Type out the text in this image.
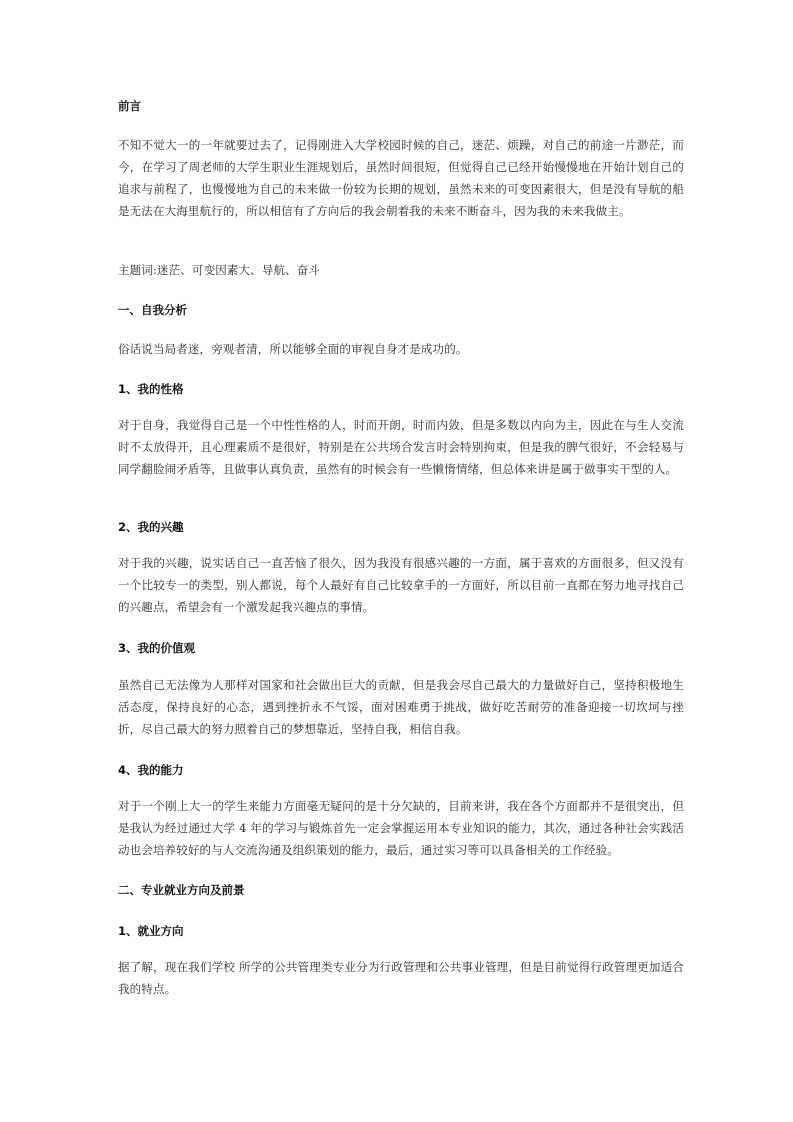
前言

不知不觉大一的一年就要过去了，记得刚进入大学校园时候的自己，迷茫、烦躁，对自己的前途一片渺茫，而今，在学习了周老师的大学生职业生涯规划后，虽然时间很短，但觉得自己已经开始慢慢地在开始计划自己的追求与前程了，也慢慢地为自己的未来做一份较为长期的规划，虽然未来的可变因素很大，但是没有导航的船是无法在大海里航行的，所以相信有了方向后的我会朝着我的未来不断奋斗，因为我的未来我做主。

主题词:迷茫、可变因素大、导航、奋斗

一、自我分析

俗话说当局者迷，旁观者清，所以能够全面的审视自身才是成功的。

1、我的性格

对于自身，我觉得自己是一个中性性格的人，时而开朗，时而内敛，但是多数以内向为主，因此在与生人交流时不太放得开，且心理素质不是很好，特别是在公共场合发言时会特别拘束，但是我的脾气很好，不会轻易与同学翻脸闹矛盾等，且做事认真负责，虽然有的时候会有一些懒惰情绪，但总体来讲是属于做事实干型的人。

2、我的兴趣

对于我的兴趣，说实话自己一直苦恼了很久，因为我没有很感兴趣的一方面，属于喜欢的方面很多，但又没有一个比较专一的类型，别人都说，每个人最好有自己比较拿手的一方面好，所以目前一直都在努力地寻找自己的兴趣点，希望会有一个激发起我兴趣点的事情。

3、我的价值观

虽然自己无法像为人那样对国家和社会做出巨大的贡献，但是我会尽自己最大的力量做好自己，坚持积极地生活态度，保持良好的心态，遇到挫折永不气馁，面对困难勇于挑战，做好吃苦耐劳的准备迎接一切坎坷与挫折，尽自己最大的努力照着自己的梦想靠近，坚持自我，相信自我。

4、我的能力

对于一个刚上大一的学生来能力方面毫无疑问的是十分欠缺的，目前来讲，我在各个方面都并不是很突出，但是我认为经过通过大学 4 年的学习与锻炼首先一定会掌握运用本专业知识的能力，其次，通过各种社会实践活动也会培养较好的与人交流沟通及组织策划的能力，最后，通过实习等可以具备相关的工作经验。

二、专业就业方向及前景

1、就业方向

据了解，现在我们学校 所学的公共管理类专业分为行政管理和公共事业管理，但是目前觉得行政管理更加适合我的特点。
